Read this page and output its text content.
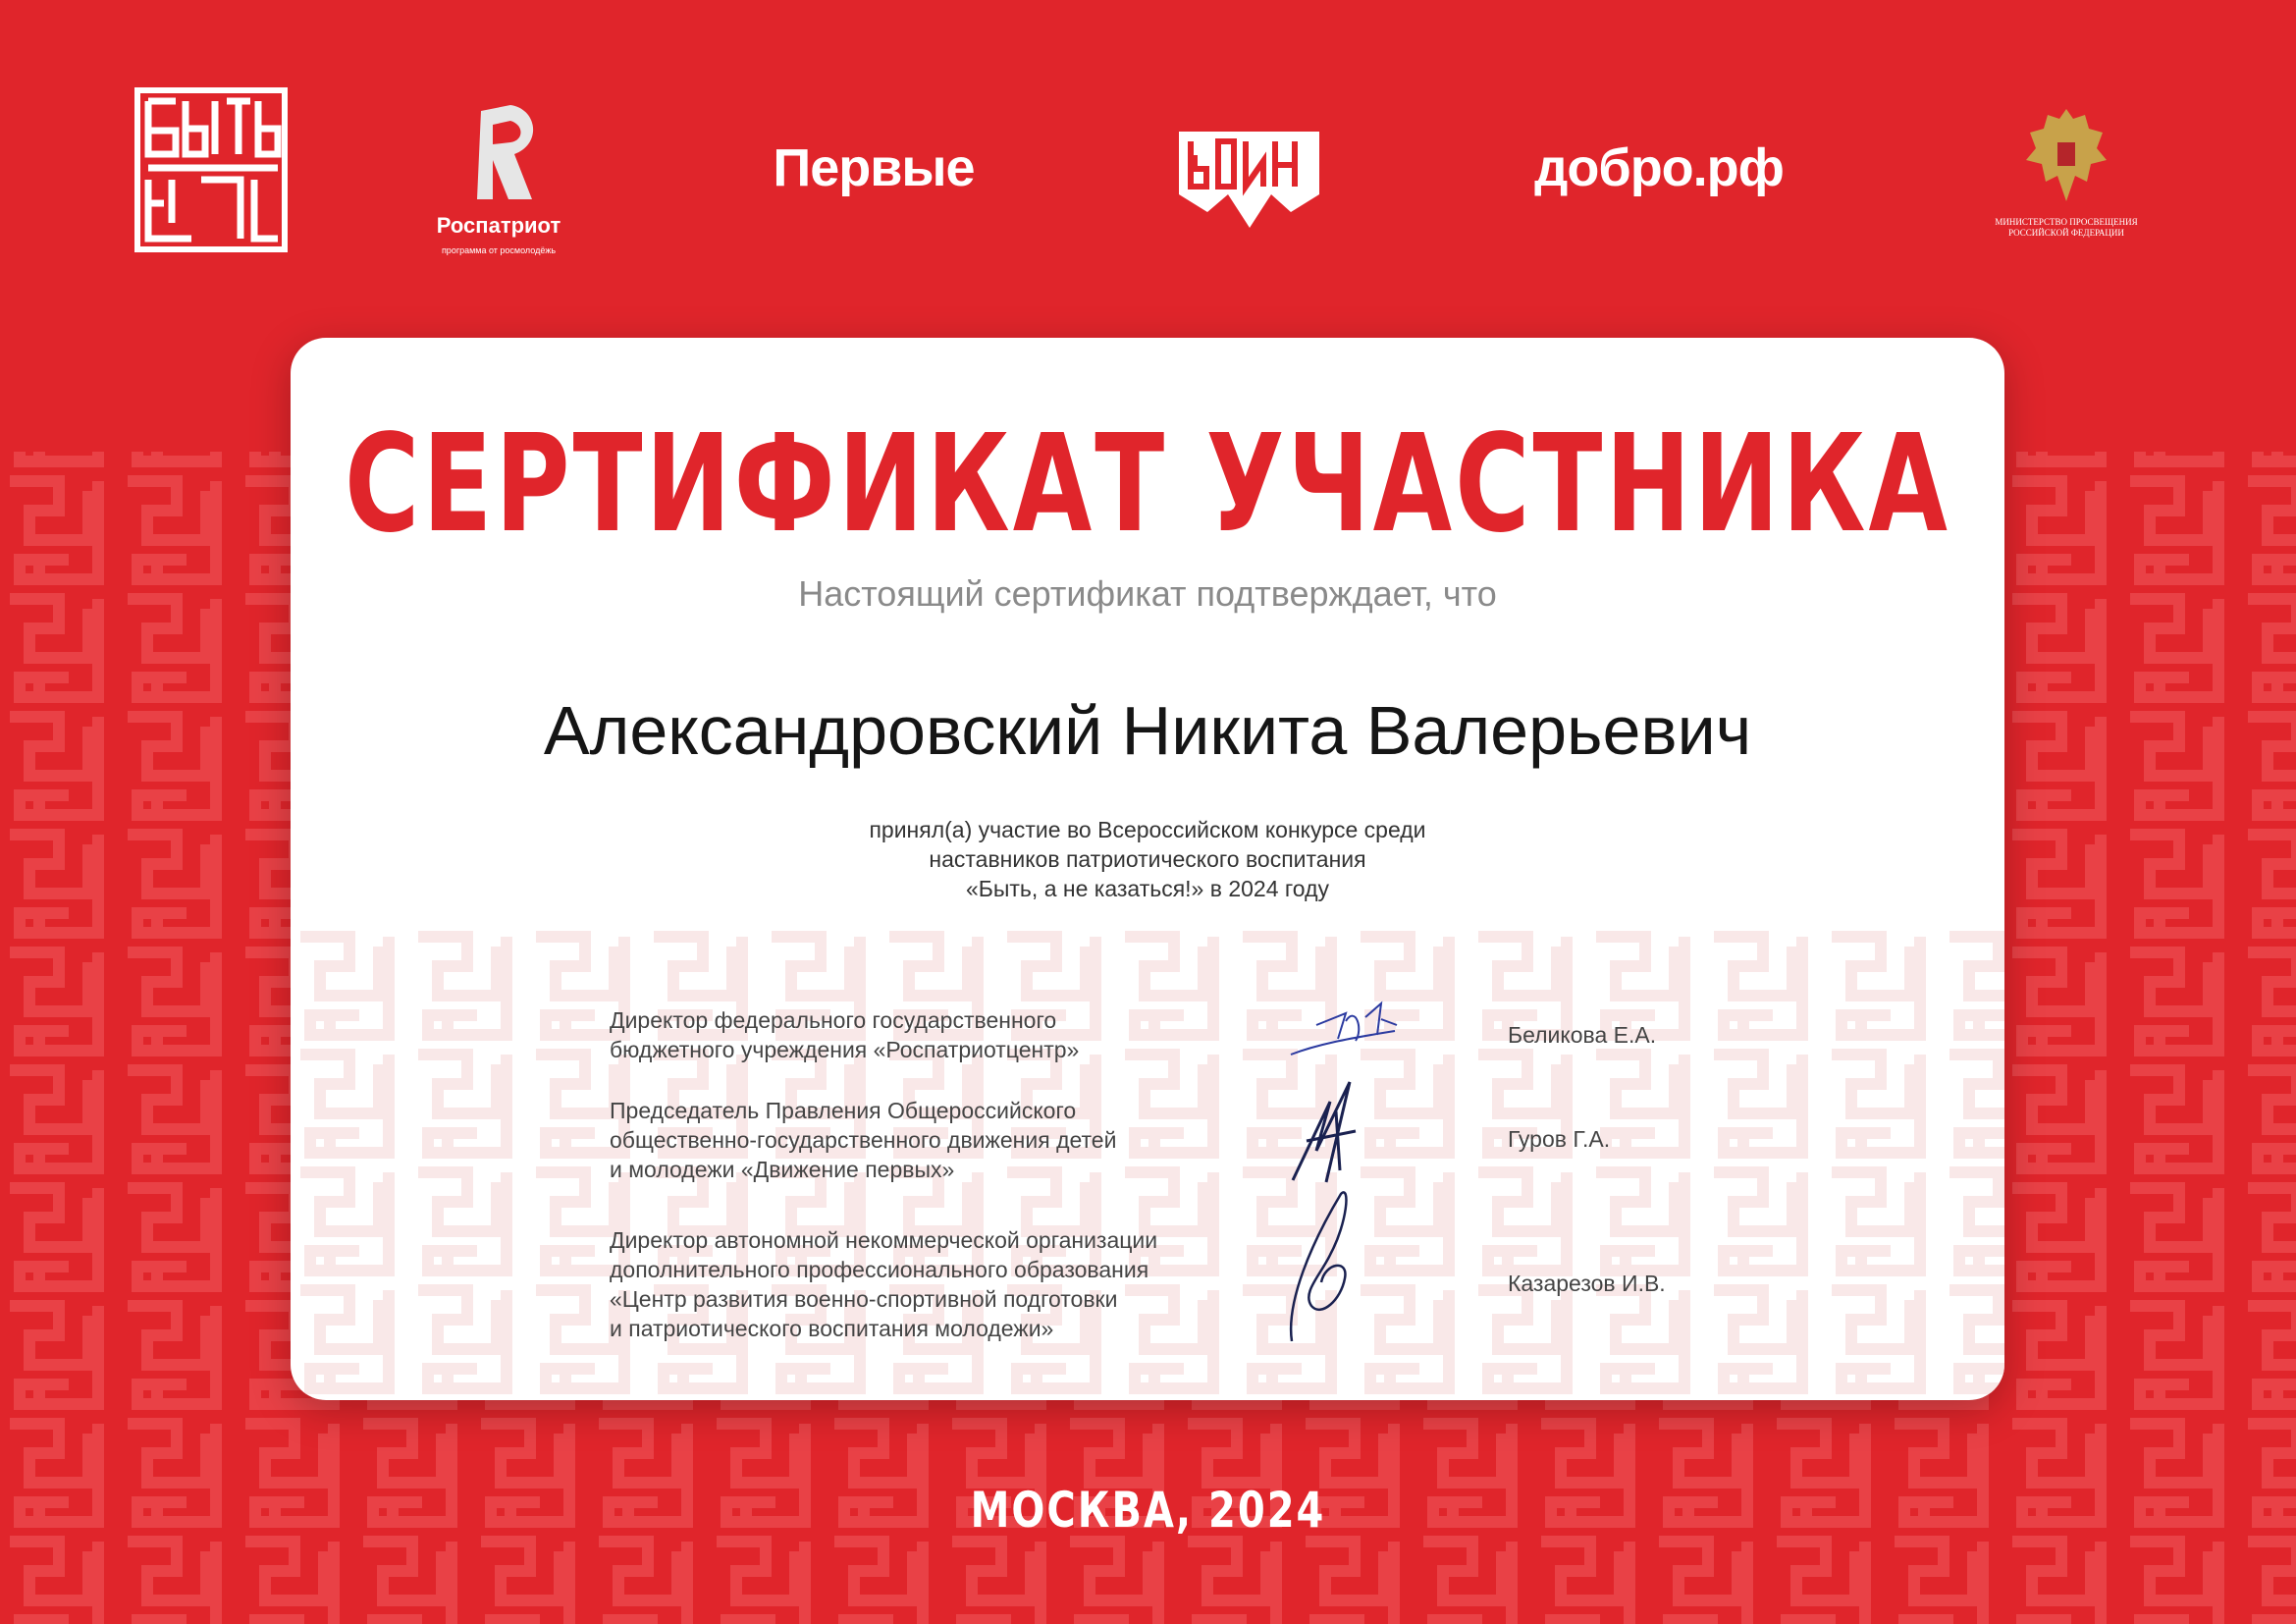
Роспатриот
программа от росмолодёжь
Первые	добро.рф
МИНИСТЕРСТВО ПРОСВЕЩЕНИЯ
РОССИЙСКОЙ ФЕДЕРАЦИИ
СЕРТИФИКАТ УЧАСТНИКА
Настоящий сертификат подтверждает, что
Александровский Никита Валерьевич
принял(а) участие во Всероссийском конкурсе среди
наставников патриотического воспитания
«Быть, а не казаться!» в 2024 году
Директор федерального государственного
бюджетного учреждения «Роспатриотцентр»
Беликова Е.А.
Председатель Правления Общероссийского
общественно-государственного движения детей
и молодежи «Движение первых»
Гуров Г.А.
Директор автономной некоммерческой организации
дополнительного профессионального образования
«Центр развития военно-спортивной подготовки
и патриотического воспитания молодежи»
Казарезов И.В.
МОСКВА, 2024
